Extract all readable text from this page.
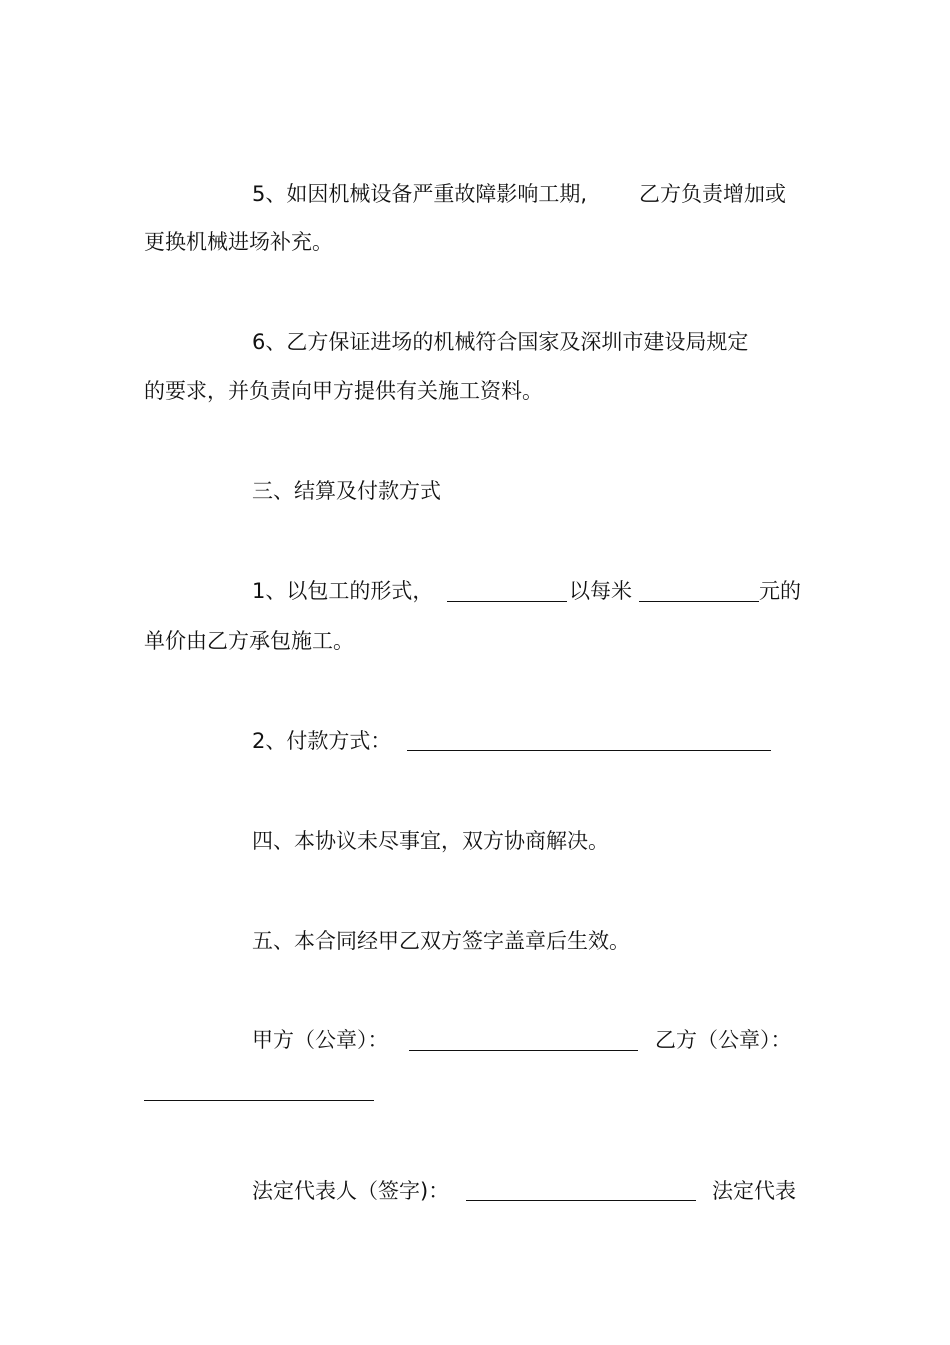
5、如因机械设备严重故障影响工期, 乙方负责增加或
更换机械进场补充。
6、乙方保证进场的机械符合国家及深圳市建设局规定
的要求，并负责向甲方提供有关施工资料。
三、结算及付款方式
1、以包工的形式，	以每米	元的
单价由乙方承包施工。
2、付款方式：
四、本协议未尽事宜，双方协商解决。
五、本合同经甲乙双方签字盖章后生效。
甲方（公章）：	乙方（公章）：
法定代表人（签字)：	法定代表
